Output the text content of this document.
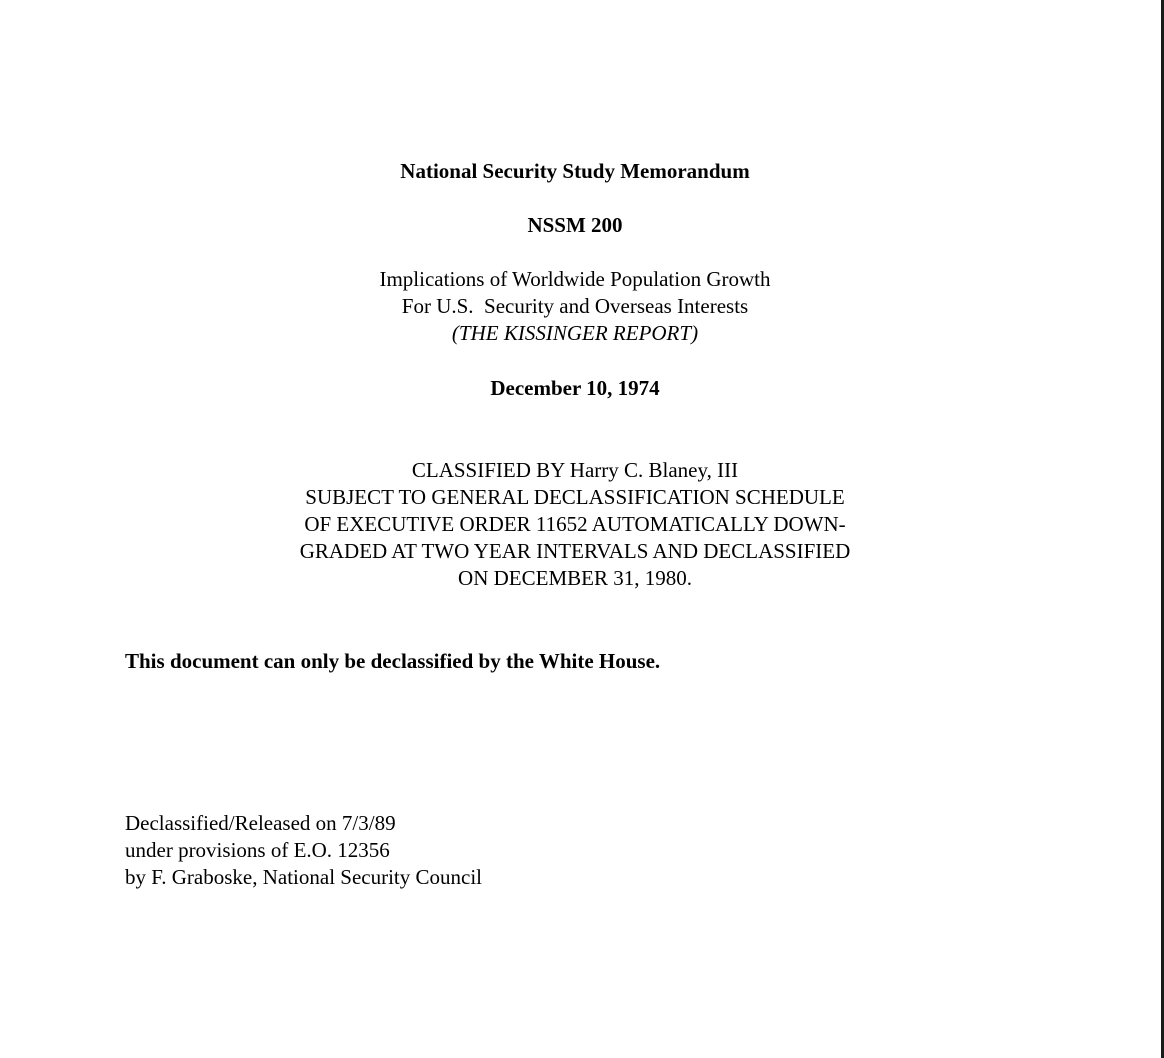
National Security Study Memorandum
NSSM 200
Implications of Worldwide Population Growth
For U.S.  Security and Overseas Interests
(THE KISSINGER REPORT)
December 10, 1974
CLASSIFIED BY Harry C. Blaney, III
SUBJECT TO GENERAL DECLASSIFICATION SCHEDULE
OF EXECUTIVE ORDER 11652 AUTOMATICALLY DOWN-
GRADED AT TWO YEAR INTERVALS AND DECLASSIFIED
ON DECEMBER 31, 1980.
This document can only be declassified by the White House.
Declassified/Released on 7/3/89
under provisions of E.O. 12356
by F. Graboske, National Security Council
